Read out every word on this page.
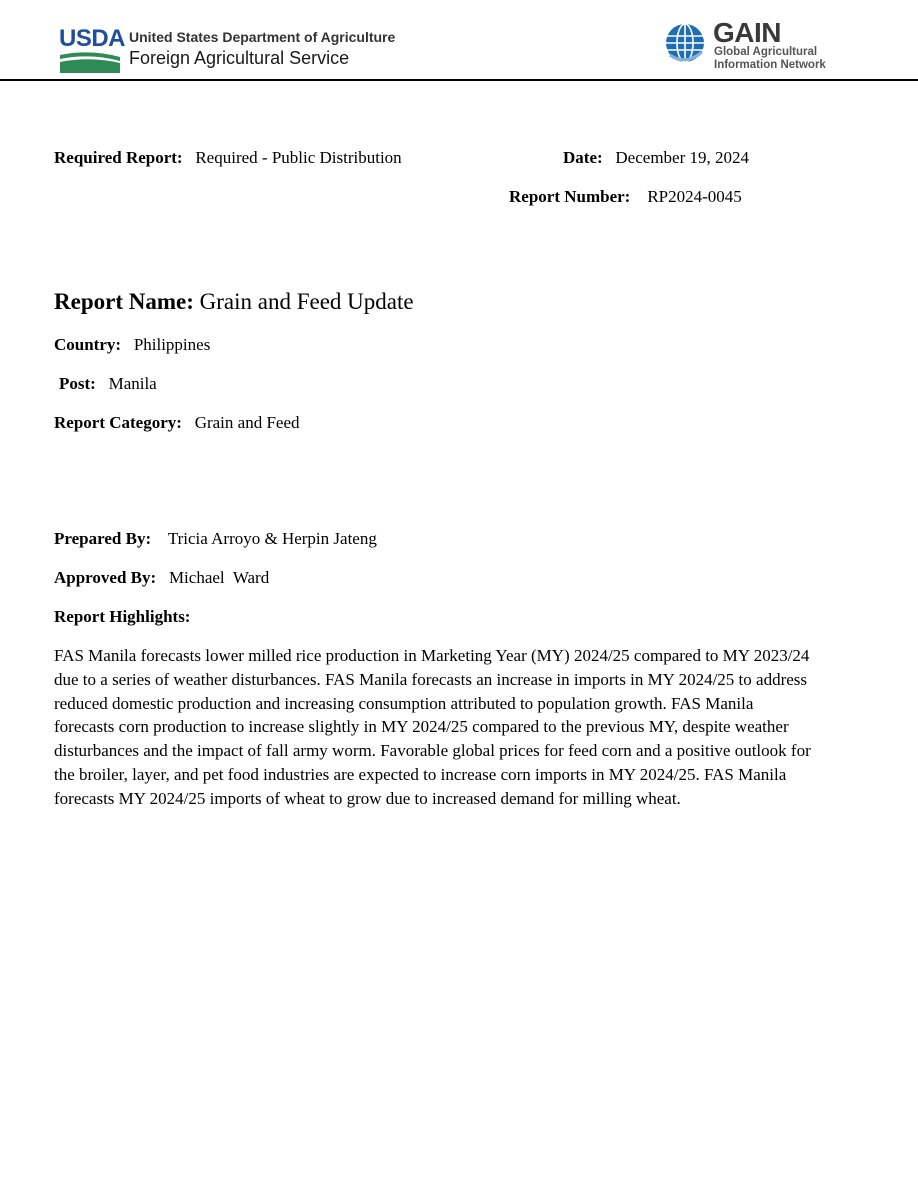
USDA United States Department of Agriculture
Foreign Agricultural Service
GAIN
Global Agricultural
Information Network
Required Report: Required - Public Distribution	Date: December 19, 2024
Report Number: RP2024-0045
Report Name: Grain and Feed Update
Country: Philippines
Post: Manila
Report Category: Grain and Feed
Prepared By: Tricia Arroyo & Herpin Jateng
Approved By: Michael  Ward
Report Highlights:

FAS Manila forecasts lower milled rice production in Marketing Year (MY) 2024/25 compared to MY 2023/24 due to a series of weather disturbances. FAS Manila forecasts an increase in imports in MY 2024/25 to address reduced domestic production and increasing consumption attributed to population growth. FAS Manila forecasts corn production to increase slightly in MY 2024/25 compared to the previous MY, despite weather disturbances and the impact of fall army worm. Favorable global prices for feed corn and a positive outlook for the broiler, layer, and pet food industries are expected to increase corn imports in MY 2024/25. FAS Manila forecasts MY 2024/25 imports of wheat to grow due to increased demand for milling wheat.
